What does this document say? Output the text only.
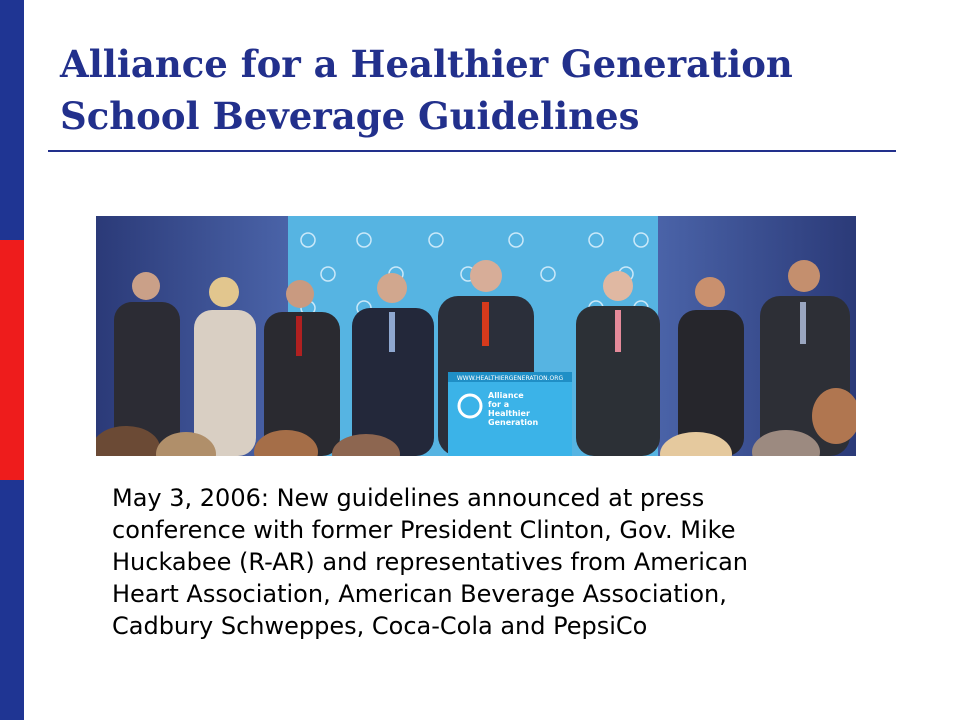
Alliance for a Healthier Generation
School Beverage Guidelines
WWW.HEALTHIERGENERATION.ORG
Alliance
for a
Healthier
Generation
May 3, 2006: New guidelines announced at press
conference with former President Clinton, Gov. Mike
Huckabee (R-AR) and representatives from American
Heart Association, American Beverage Association,
Cadbury Schweppes, Coca-Cola and PepsiCo
